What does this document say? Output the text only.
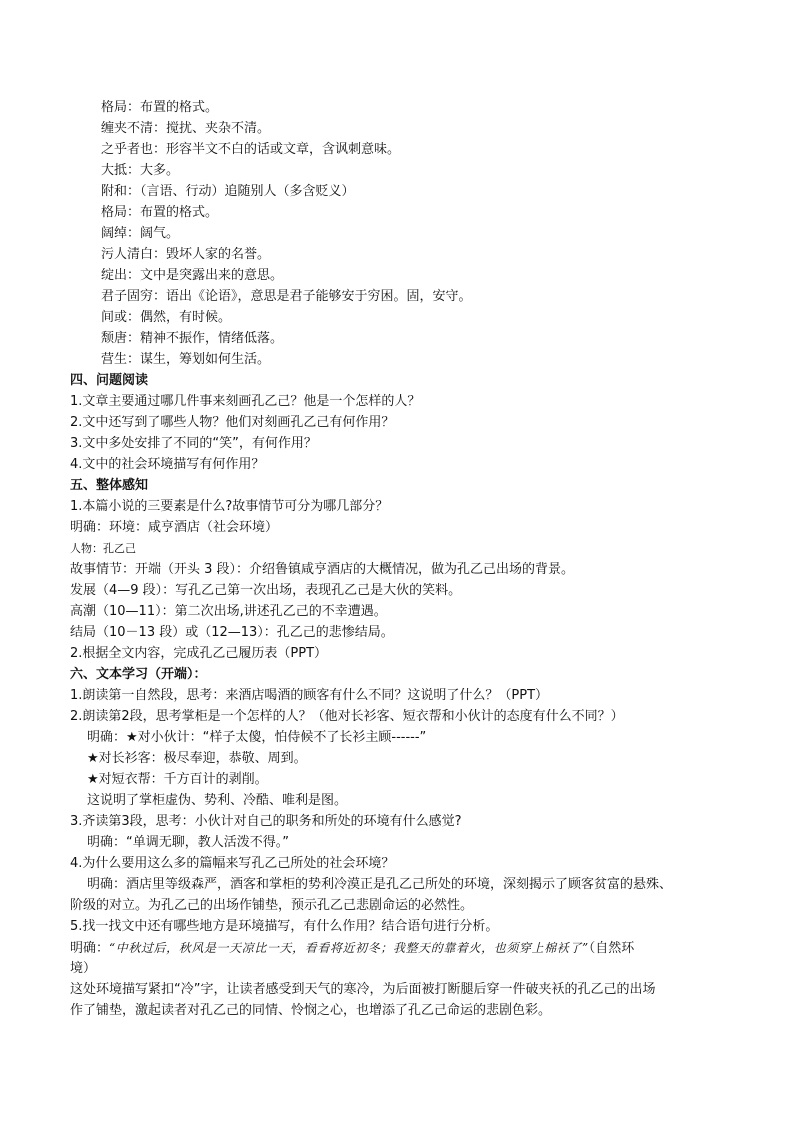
格局：布置的格式。
缠夹不清：搅扰、夹杂不清。
之乎者也：形容半文不白的话或文章，含讽刺意味。
大抵：大多。
附和：（言语、行动）追随别人（多含贬义）
格局：布置的格式。
阔绰：阔气。
污人清白：毁坏人家的名誉。
绽出：文中是突露出来的意思。
君子固穷：语出《论语》，意思是君子能够安于穷困。固，安守。
间或：偶然，有时候。
颓唐：精神不振作，情绪低落。
营生：谋生，筹划如何生活。
四、问题阅读
1.文章主要通过哪几件事来刻画孔乙己？他是一个怎样的人？
2.文中还写到了哪些人物？他们对刻画孔乙己有何作用？
3.文中多处安排了不同的“笑”，有何作用？
4.文中的社会环境描写有何作用？
五、整体感知
1.本篇小说的三要素是什么?故事情节可分为哪几部分？
明确：环境：咸亨酒店（社会环境）
人物：孔乙己
故事情节：开端（开头 3 段）：介绍鲁镇咸亨酒店的大概情况，做为孔乙己出场的背景。
发展（4—9 段）：写孔乙己第一次出场，表现孔乙己是大伙的笑料。
高潮（10—11）：第二次出场,讲述孔乙己的不幸遭遇。
结局（10－13 段）或（12—13）：孔乙己的悲惨结局。
2.根据全文内容，完成孔乙己履历表（PPT）
六、文本学习（开端）：
1.朗读第一自然段，思考：来酒店喝酒的顾客有什么不同？这说明了什么？（PPT）
2.朗读第2段，思考掌柜是一个怎样的人？（他对长衫客、短衣帮和小伙计的态度有什么不同？）
明确：★对小伙计：“样子太傻，怕侍候不了长衫主顾------”
★对长衫客：极尽奉迎，恭敬、周到。
★对短衣帮：千方百计的剥削。
这说明了掌柜虚伪、势利、冷酷、唯利是图。
3.齐读第3段，思考：小伙计对自己的职务和所处的环境有什么感觉?
明确：“单调无聊，教人活泼不得。”
4.为什么要用这么多的篇幅来写孔乙己所处的社会环境？
明确：酒店里等级森严，酒客和掌柜的势利冷漠正是孔乙己所处的环境，深刻揭示了顾客贫富的悬殊、
阶级的对立。为孔乙己的出场作铺垫，预示孔乙己悲剧命运的必然性。
5.找一找文中还有哪些地方是环境描写，有什么作用？结合语句进行分析。
明确：“中秋过后，秋风是一天凉比一天，看看将近初冬；我整天的靠着火，也须穿上棉袄了”（自然环
境）
这处环境描写紧扣“冷”字，让读者感受到天气的寒冷，为后面被打断腿后穿一件破夹袄的孔乙己的出场
作了铺垫，激起读者对孔乙己的同情、怜悯之心，也增添了孔乙己命运的悲剧色彩。
